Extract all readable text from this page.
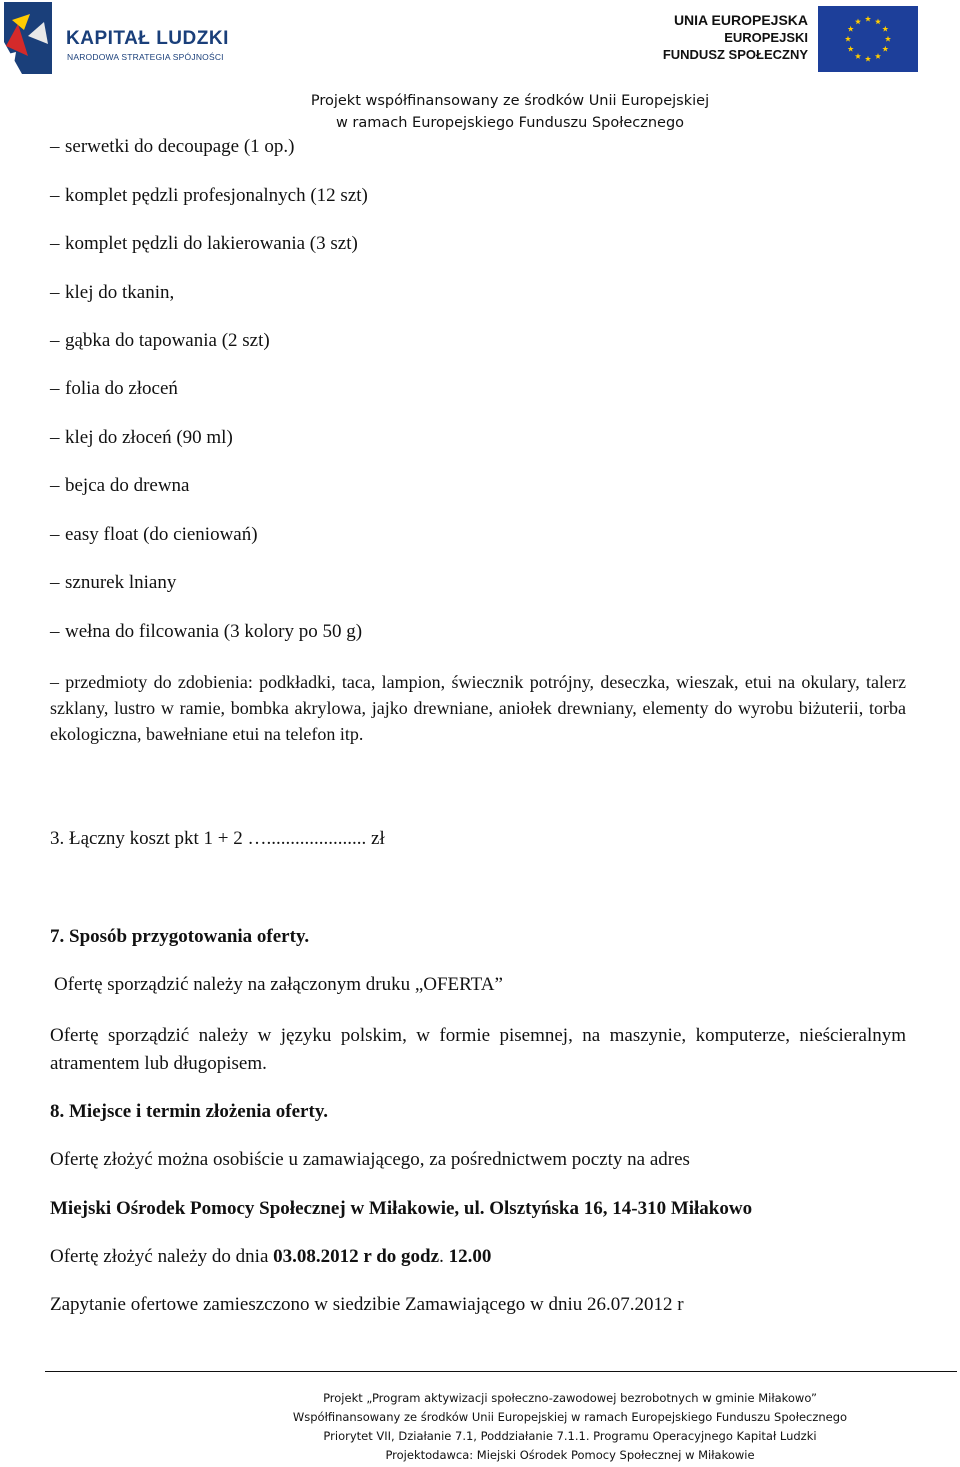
KAPITAŁ LUDZKI
NARODOWA STRATEGIA SPÓJNOŚCI
UNIA EUROPEJSKA
EUROPEJSKI
FUNDUSZ SPOŁECZNY
Projekt współfinansowany ze środków Unii Europejskiej
w ramach Europejskiego Funduszu Społecznego
– serwetki do decoupage (1 op.)
– komplet pędzli profesjonalnych (12 szt)
– komplet pędzli do lakierowania (3 szt)
– klej do tkanin,
– gąbka do tapowania (2 szt)
– folia do złoceń
– klej do złoceń (90 ml)
– bejca do drewna
– easy float (do cieniowań)
– sznurek lniany
– wełna do filcowania (3 kolory po 50 g)
– przedmioty do zdobienia: podkładki, taca, lampion, świecznik potrójny, deseczka, wieszak, etui na okulary, talerz szklany, lustro w ramie, bombka akrylowa, jajko drewniane, aniołek drewniany, elementy do wyrobu biżuterii, torba ekologiczna, bawełniane etui na telefon itp.
3. Łączny koszt pkt 1 + 2 …..................... zł
7. Sposób przygotowania oferty.
Ofertę sporządzić należy na załączonym druku „OFERTA”
Ofertę sporządzić należy w języku polskim, w formie pisemnej, na maszynie, komputerze, nieścieralnym atramentem lub długopisem.
8. Miejsce i termin złożenia oferty.
Ofertę złożyć można osobiście u zamawiającego, za pośrednictwem poczty na adres
Miejski Ośrodek Pomocy Społecznej w Miłakowie, ul. Olsztyńska 16, 14-310 Miłakowo
Ofertę złożyć należy do dnia 03.08.2012 r do godz. 12.00
Zapytanie ofertowe zamieszczono w siedzibie Zamawiającego w dniu 26.07.2012 r
Projekt „Program aktywizacji społeczno-zawodowej bezrobotnych w gminie Miłakowo”
Współfinansowany ze środków Unii Europejskiej w ramach Europejskiego Funduszu Społecznego
Priorytet VII, Działanie 7.1, Poddziałanie 7.1.1. Programu Operacyjnego Kapitał Ludzki
Projektodawca: Miejski Ośrodek Pomocy Społecznej w Miłakowie
